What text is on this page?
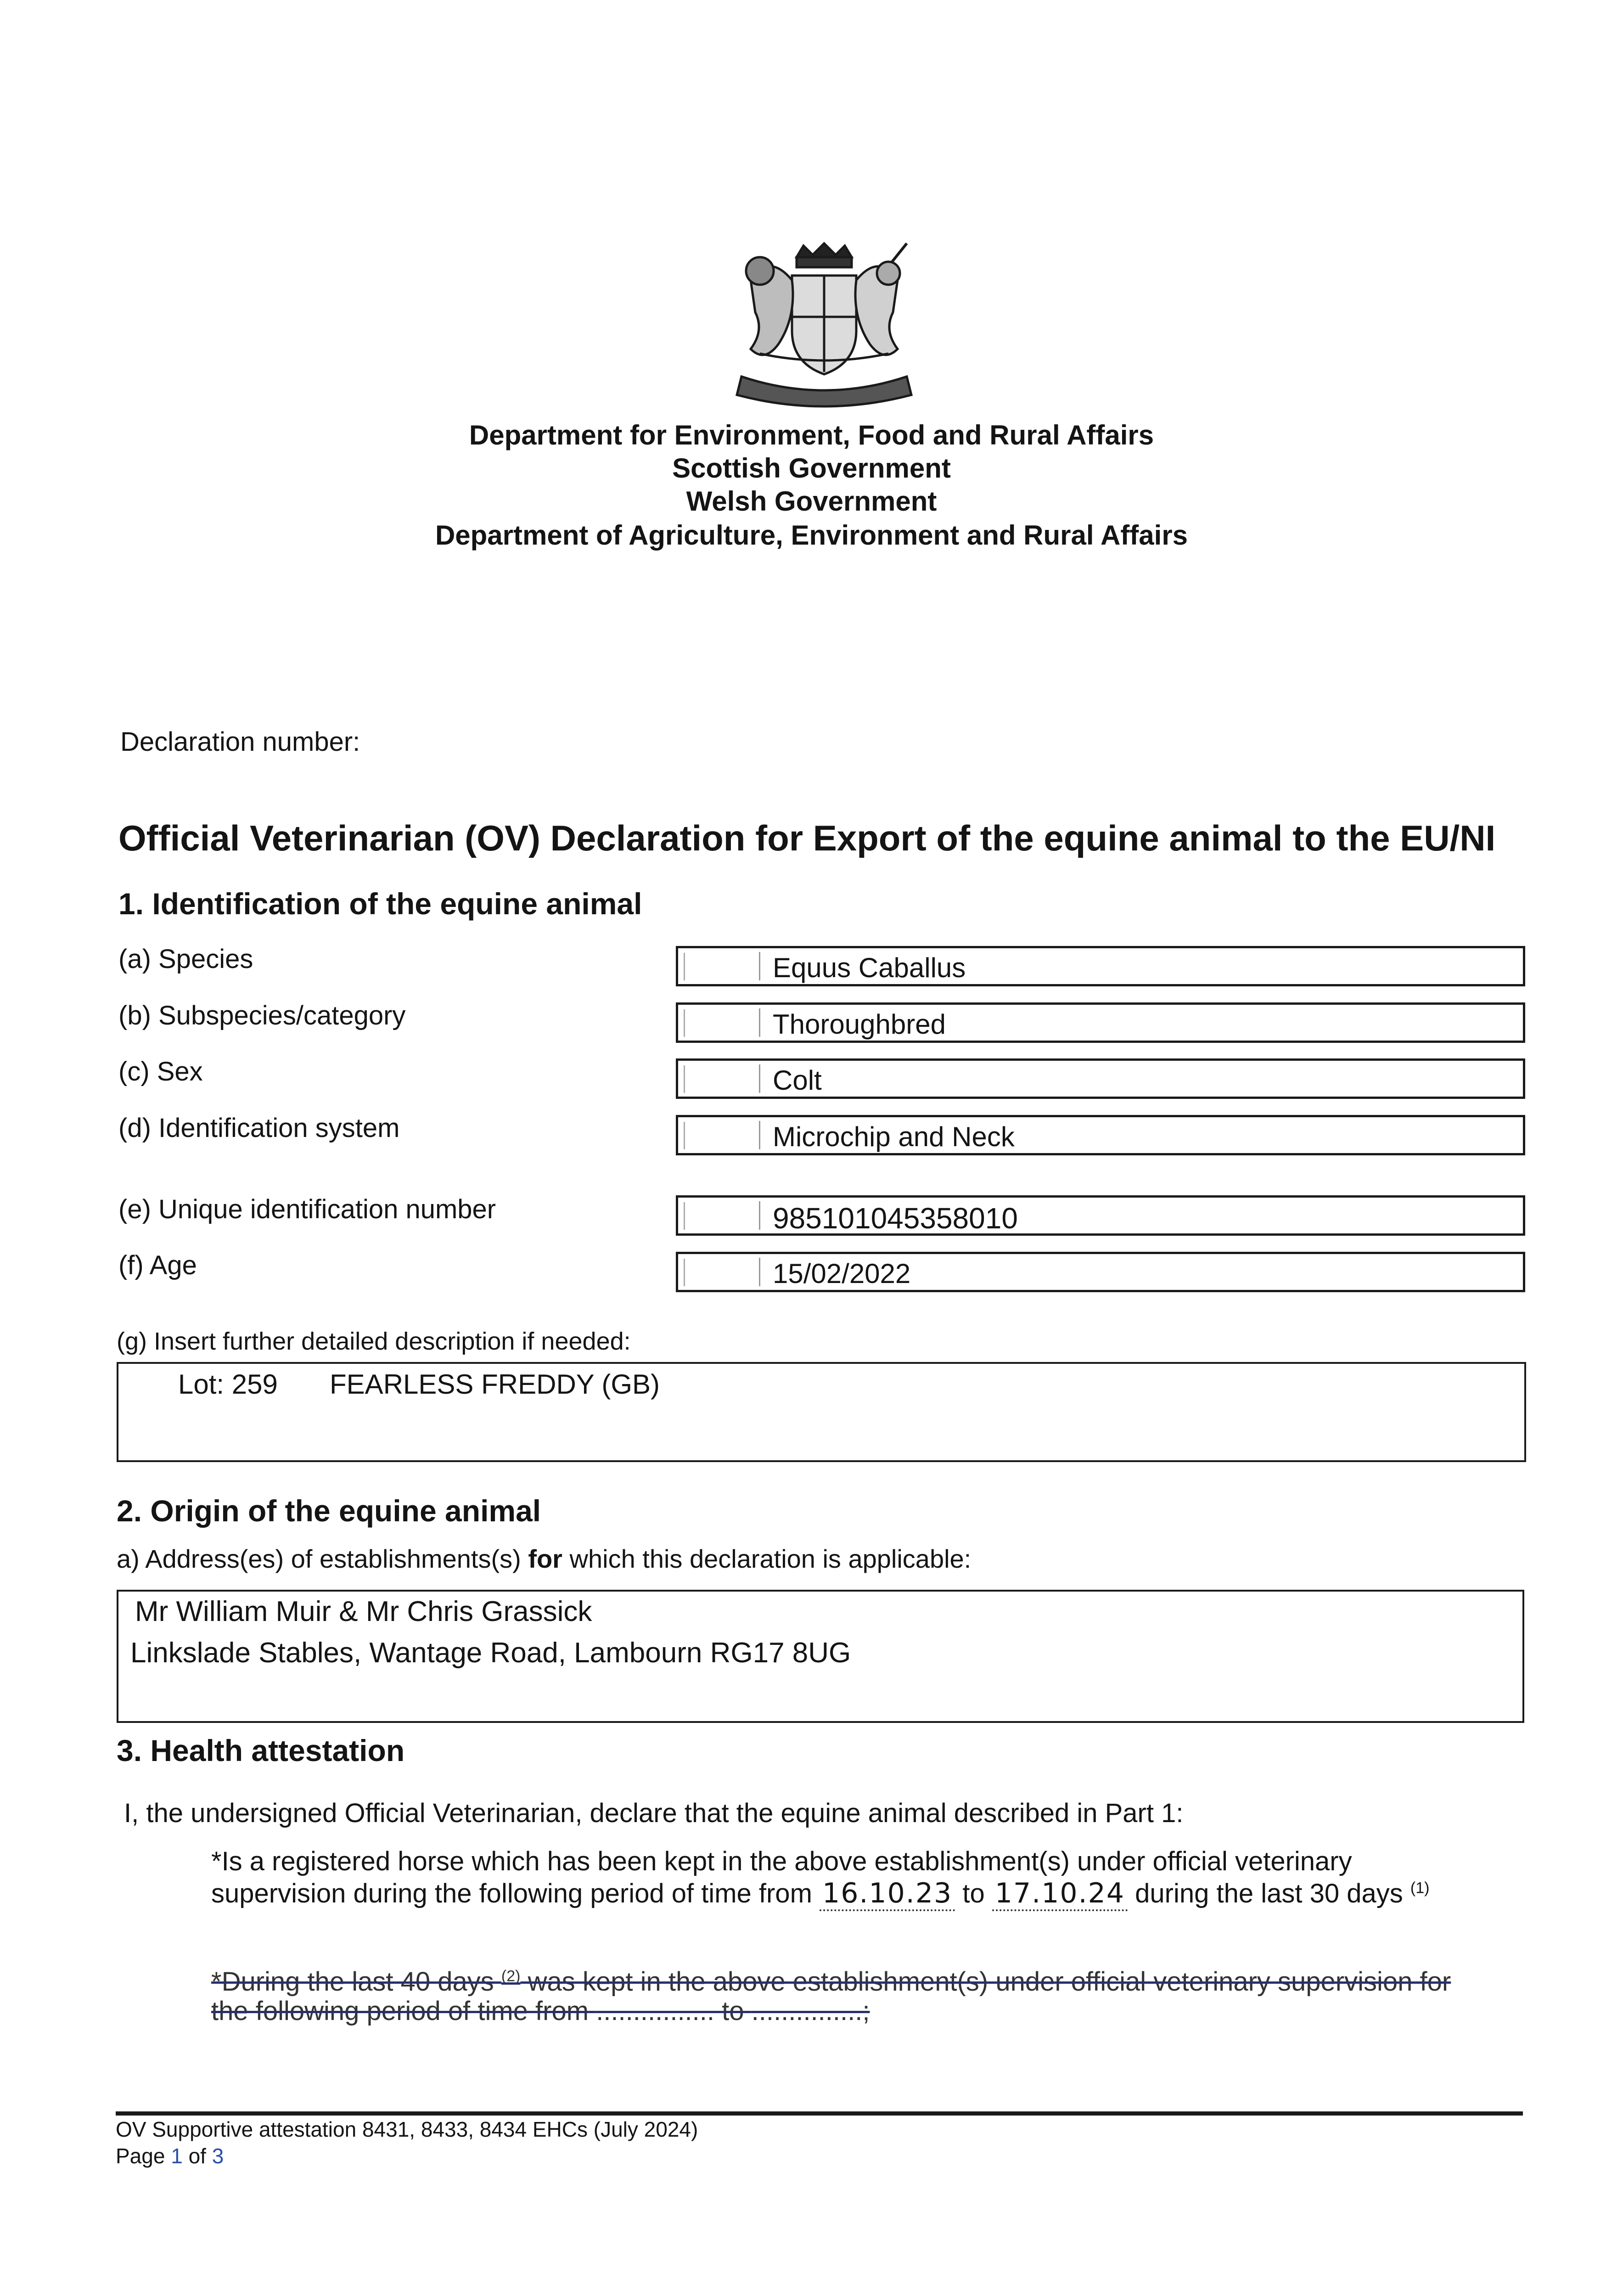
Department for Environment, Food and Rural Affairs
Scottish Government
Welsh Government
Department of Agriculture, Environment and Rural Affairs
Declaration number:
Official Veterinarian (OV) Declaration for Export of the equine animal to the EU/NI
1. Identification of the equine animal
(a) Species	Equus Caballus
(b) Subspecies/category	Thoroughbred
(c) Sex	Colt
(d) Identification system	Microchip and Neck
(e) Unique identification number	985101045358010
(f) Age	15/02/2022
(g) Insert further detailed description if needed:
Lot: 259 FEARLESS FREDDY (GB)
2. Origin of the equine animal
a) Address(es) of establishments(s) for which this declaration is applicable:
Mr William Muir & Mr Chris Grassick
Linkslade Stables, Wantage Road, Lambourn RG17 8UG
3. Health attestation
I, the undersigned Official Veterinarian, declare that the equine animal described in Part 1:
*Is a registered horse which has been kept in the above establishment(s) under official veterinary
supervision during the following period of time from 16.10.23 to 17.10.24 during the last 30 days $^{(1)}$
*During the last 40 days $^{(2)}$ was kept in the above establishment(s) under official veterinary supervision for
the following period of time from ................ to ...............;
OV Supportive attestation 8431, 8433, 8434 EHCs (July 2024)
Page 1 of 3
